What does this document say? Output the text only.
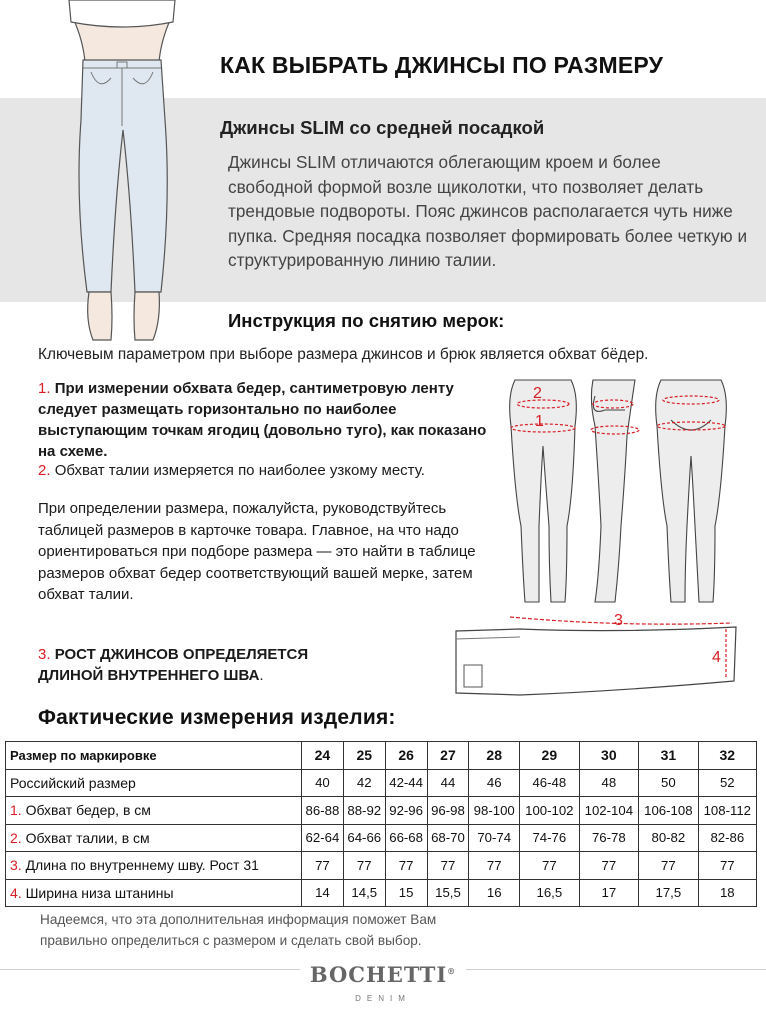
КАК ВЫБРАТЬ ДЖИНСЫ ПО РАЗМЕРУ
Джинсы SLIM со средней посадкой
Джинсы SLIM отличаются облегающим кроем и более свободной формой возле щиколотки, что позволяет делать трендовые подвороты. Пояс джинсов располагается чуть ниже пупка. Средняя посадка позволяет формировать более четкую и структурированную линию талии.
Инструкция по снятию мерок:
Ключевым параметром при выборе размера джинсов и брюк является обхват бёдер.
1. При измерении обхвата бедер, сантиметровую ленту следует размещать горизонтально по наиболее выступающим точкам ягодиц (довольно туго), как показано на схеме.
2. Обхват талии измеряется по наиболее узкому месту.
При определении размера, пожалуйста, руководствуйтесь таблицей размеров в карточке товара. Главное, на что надо ориентироваться при подборе размера — это найти в таблице размеров обхват бедер соответствующий вашей мерке, затем обхват талии.
3. РОСТ ДЖИНСОВ ОПРЕДЕЛЯЕТСЯ
ДЛИНОЙ ВНУТРЕННЕГО ШВА.
2
1
3
4
Фактические измерения изделия:
Размер по маркировке	24	25	26	27	28	29	30	31	32
Российский размер	40	42	42-44	44	46	46-48	48	50	52
1. Обхват бедер, в см	86-88	88-92	92-96	96-98	98-100	100-102	102-104	106-108	108-112
2. Обхват талии, в см	62-64	64-66	66-68	68-70	70-74	74-76	76-78	80-82	82-86
3. Длина по внутреннему шву. Рост 31	77	77	77	77	77	77	77	77	77
4. Ширина низа штанины	14	14,5	15	15,5	16	16,5	17	17,5	18
Надеемся, что эта дополнительная информация поможет Вам
правильно определиться с размером и сделать свой выбор.
BOCHETTI®
DENIM
